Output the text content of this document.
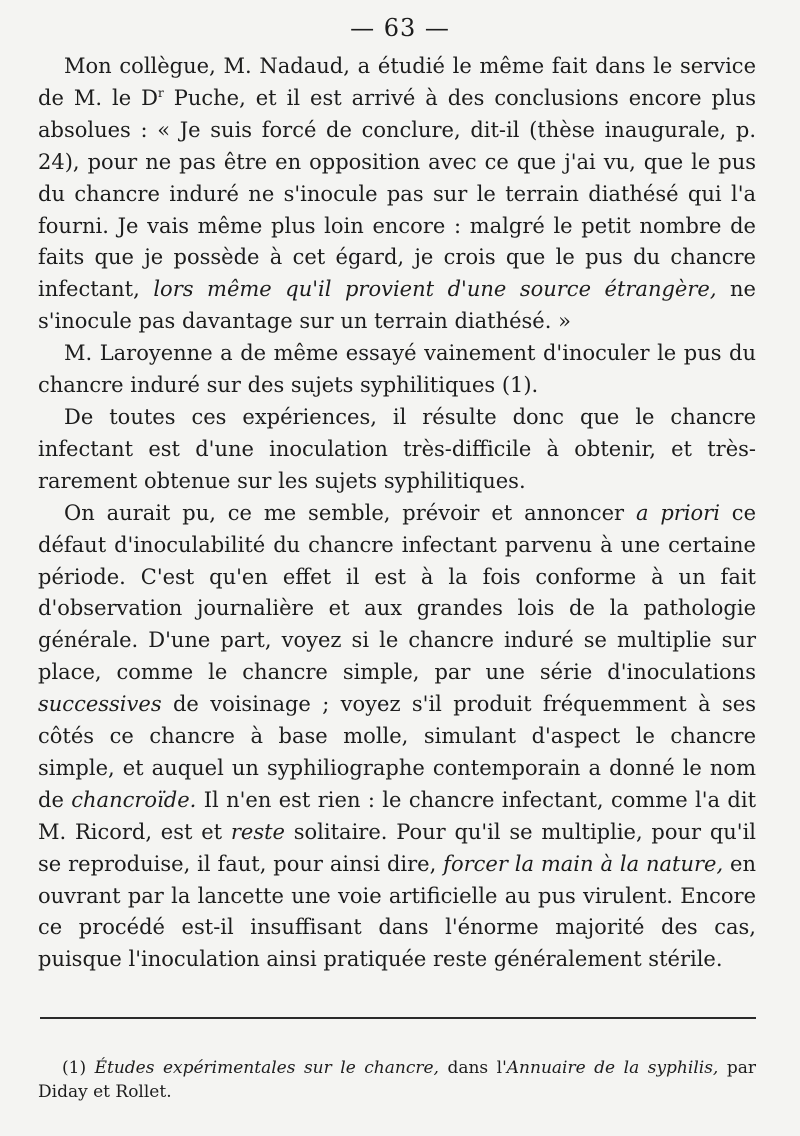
— 63 —

Mon collègue, M. Nadaud, a étudié le même fait dans le service de M. le $D^r$ Puche, et il est arrivé à des conclusions encore plus absolues : « Je suis forcé de conclure, dit-il (thèse inaugurale, p. 24), pour ne pas être en opposition avec ce que j'ai vu, que le pus du chancre induré ne s'inocule pas sur le terrain diathésé qui l'a fourni. Je vais même plus loin encore : malgré le petit nombre de faits que je possède à cet égard, je crois que le pus du chancre infectant, lors même qu'il provient d'une source étrangère, ne s'inocule pas davantage sur un terrain diathésé. »

M. Laroyenne a de même essayé vainement d'inoculer le pus du chancre induré sur des sujets syphilitiques (1).

De toutes ces expériences, il résulte donc que le chancre infectant est d'une inoculation très-difficile à obtenir, et très-rarement obtenue sur les sujets syphilitiques.

On aurait pu, ce me semble, prévoir et annoncer a priori ce défaut d'inoculabilité du chancre infectant parvenu à une certaine période. C'est qu'en effet il est à la fois conforme à un fait d'observation journalière et aux grandes lois de la pathologie générale. D'une part, voyez si le chancre induré se multiplie sur place, comme le chancre simple, par une série d'inoculations successives de voisinage ; voyez s'il produit fréquemment à ses côtés ce chancre à base molle, simulant d'aspect le chancre simple, et auquel un syphiliographe contemporain a donné le nom de chancroïde. Il n'en est rien : le chancre infectant, comme l'a dit M. Ricord, est et reste solitaire. Pour qu'il se multiplie, pour qu'il se reproduise, il faut, pour ainsi dire, forcer la main à la nature, en ouvrant par la lancette une voie artificielle au pus virulent. Encore ce procédé est-il insuffisant dans l'énorme majorité des cas, puisque l'inoculation ainsi pratiquée reste généralement stérile.

(1) Études expérimentales sur le chancre, dans l'Annuaire de la syphilis, par Diday et Rollet.
